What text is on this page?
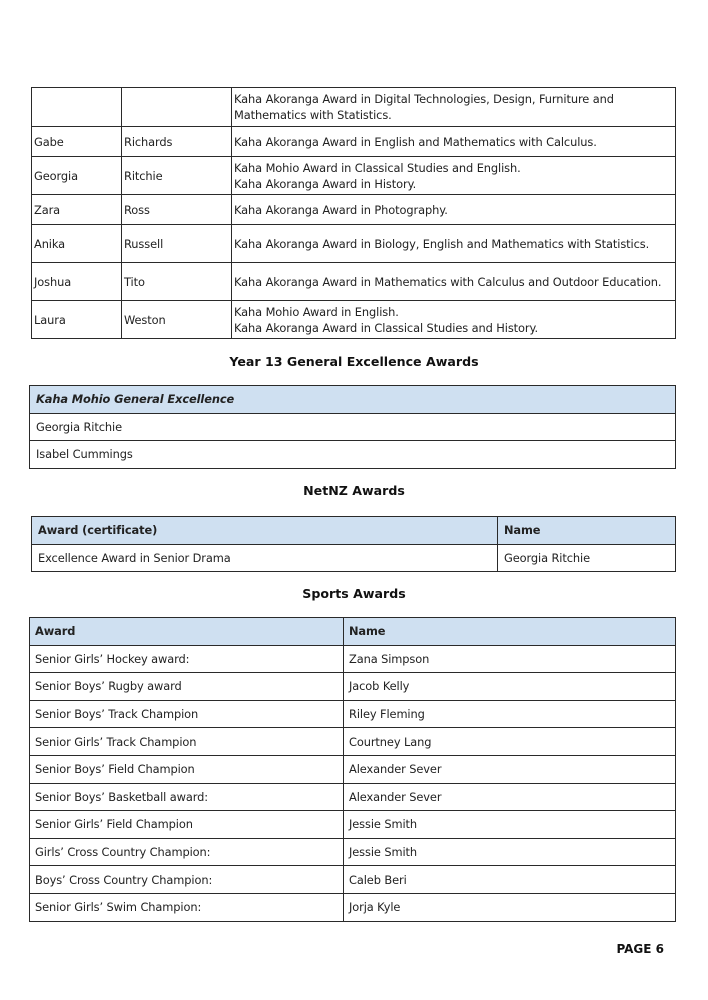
		Kaha Akoranga Award in Digital Technologies, Design, Furniture and Mathematics with Statistics.

Gabe	Richards	Kaha Akoranga Award in English and Mathematics with Calculus.

Georgia	Ritchie	Kaha Mohio Award in Classical Studies and English.
Kaha Akoranga Award in History.

Zara	Ross	Kaha Akoranga Award in Photography.

Anika	Russell	Kaha Akoranga Award in Biology, English and Mathematics with Statistics.

Joshua	Tito	Kaha Akoranga Award in Mathematics with Calculus and Outdoor Education.

Laura	Weston	Kaha Mohio Award in English.
Kaha Akoranga Award in Classical Studies and History.
Year 13 General Excellence Awards
Kaha Mohio General Excellence
Georgia Ritchie
Isabel Cummings
NetNZ Awards
Award (certificate)	Name
Excellence Award in Senior Drama	Georgia Ritchie
Sports Awards
Award	Name
Senior Girls’ Hockey award:	Zana Simpson
Senior Boys’ Rugby award	Jacob Kelly
Senior Boys’ Track Champion	Riley Fleming
Senior Girls’ Track Champion	Courtney Lang
Senior Boys’ Field Champion	Alexander Sever
Senior Boys’ Basketball award:	Alexander Sever
Senior Girls’ Field Champion	Jessie Smith
Girls’ Cross Country Champion:	Jessie Smith
Boys’ Cross Country Champion:	Caleb Beri
Senior Girls’ Swim Champion:	Jorja Kyle
PAGE 6
